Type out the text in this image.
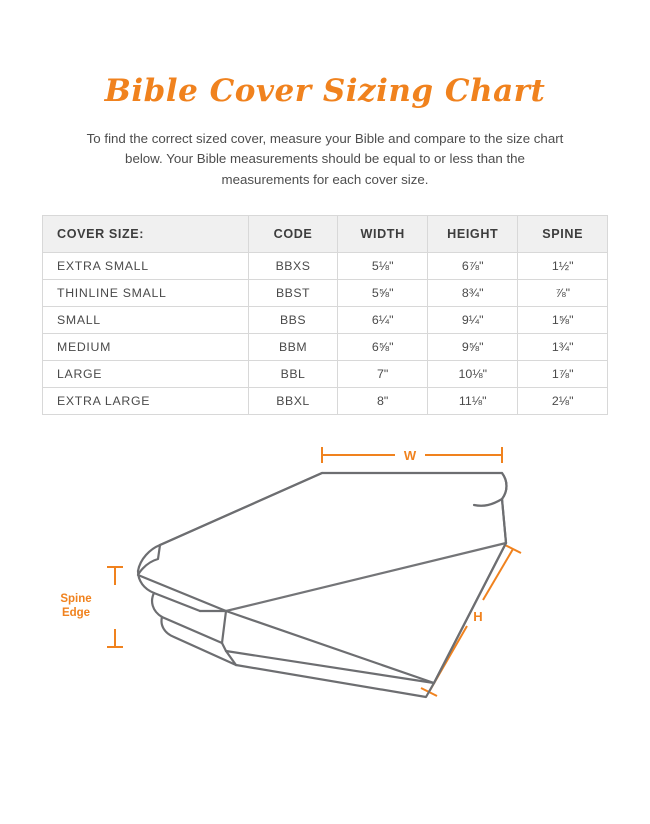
Bible Cover Sizing Chart

To find the correct sized cover, measure your Bible and compare to the size chart below. Your Bible measurements should be equal to or less than the measurements for each cover size.

COVER SIZE:	CODE	WIDTH	HEIGHT	SPINE
EXTRA SMALL	BBXS	5⅛"	6⅞"	1½"
THINLINE SMALL	BBST	5⅝"	8¾"	⅞"
SMALL	BBS	6¼"	9¼"	1⅝"
MEDIUM	BBM	6⅝"	9⅝"	1¾"
LARGE	BBL	7"	10⅛"	1⅞"
EXTRA LARGE	BBXL	8"	11⅛"	2⅛"
W
H
Spine
Edge
